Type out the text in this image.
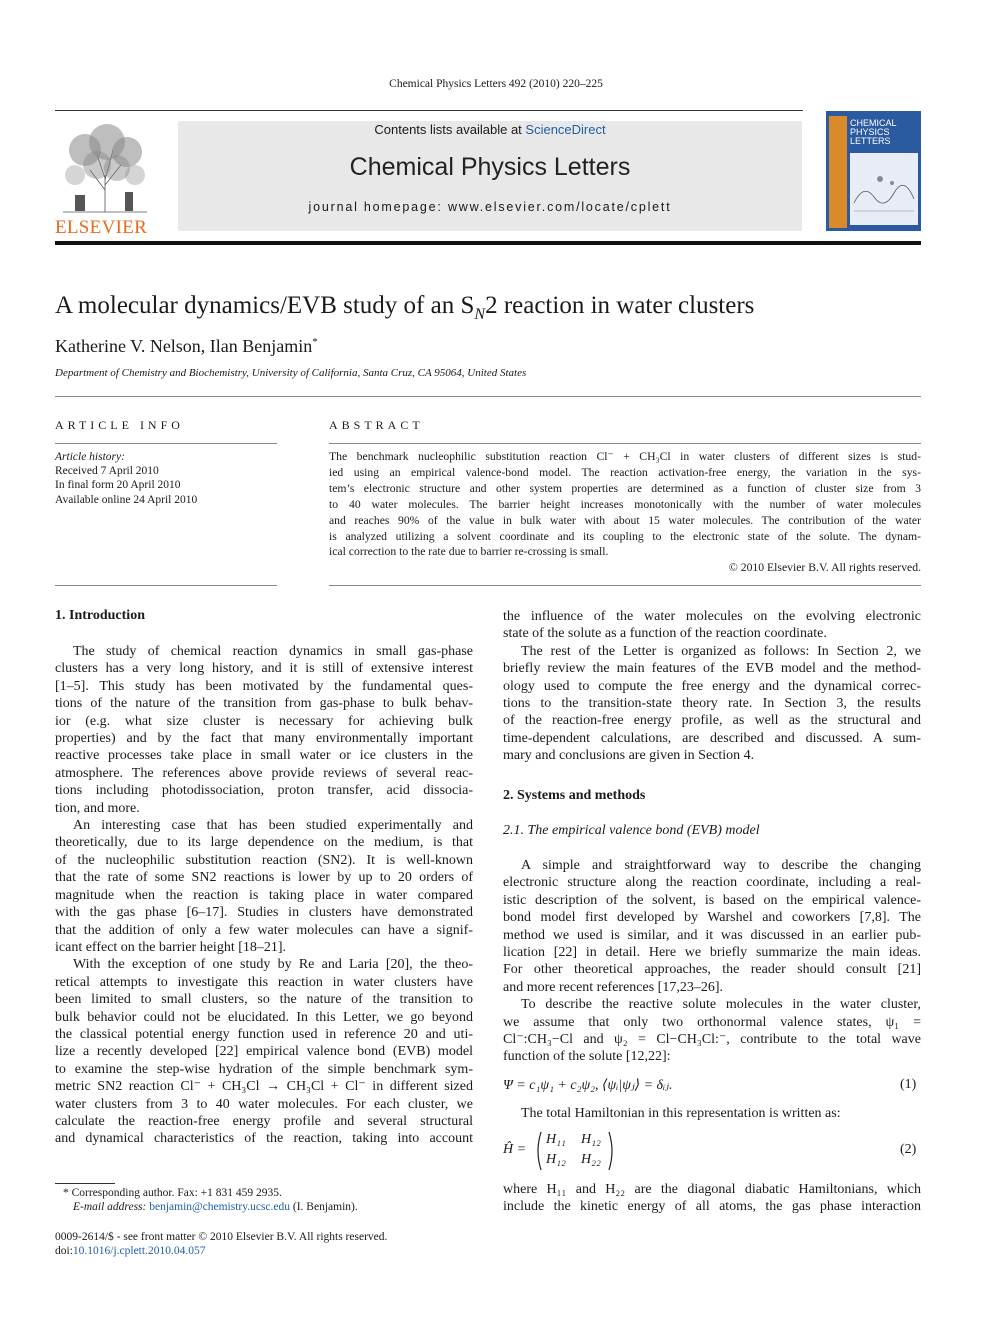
Chemical Physics Letters 492 (2010) 220–225
ELSEVIER
Contents lists available at ScienceDirect
Chemical Physics Letters
journal homepage: www.elsevier.com/locate/cplett
CHEMICAL
PHYSICS
LETTERS
A molecular dynamics/EVB study of an $S_N2$ reaction in water clusters
Katherine V. Nelson, Ilan Benjamin*
Department of Chemistry and Biochemistry, University of California, Santa Cruz, CA 95064, United States
ARTICLE INFO
Article history:
Received 7 April 2010
In final form 20 April 2010
Available online 24 April 2010
ABSTRACT
The benchmark nucleophilic substitution reaction Cl⁻ + CH₃Cl in water clusters of different sizes is stud-
ied using an empirical valence-bond model. The reaction activation-free energy, the variation in the sys-
tem’s electronic structure and other system properties are determined as a function of cluster size from 3
to 40 water molecules. The barrier height increases monotonically with the number of water molecules
and reaches 90% of the value in bulk water with about 15 water molecules. The contribution of the water
is analyzed utilizing a solvent coordinate and its coupling to the electronic state of the solute. The dynam-
ical correction to the rate due to barrier re-crossing is small.
© 2010 Elsevier B.V. All rights reserved.
1. Introduction
The study of chemical reaction dynamics in small gas-phase
clusters has a very long history, and it is still of extensive interest
[1–5]. This study has been motivated by the fundamental ques-
tions of the nature of the transition from gas-phase to bulk behav-
ior (e.g. what size cluster is necessary for achieving bulk
properties) and by the fact that many environmentally important
reactive processes take place in small water or ice clusters in the
atmosphere. The references above provide reviews of several reac-
tions including photodissociation, proton transfer, acid dissocia-
tion, and more.
An interesting case that has been studied experimentally and
theoretically, due to its large dependence on the medium, is that
of the nucleophilic substitution reaction (SN2). It is well-known
that the rate of some SN2 reactions is lower by up to 20 orders of
magnitude when the reaction is taking place in water compared
with the gas phase [6–17]. Studies in clusters have demonstrated
that the addition of only a few water molecules can have a signif-
icant effect on the barrier height [18–21].
With the exception of one study by Re and Laria [20], the theo-
retical attempts to investigate this reaction in water clusters have
been limited to small clusters, so the nature of the transition to
bulk behavior could not be elucidated. In this Letter, we go beyond
the classical potential energy function used in reference 20 and uti-
lize a recently developed [22] empirical valence bond (EVB) model
to examine the step-wise hydration of the simple benchmark sym-
metric SN2 reaction Cl⁻ + CH₃Cl → CH₃Cl + Cl⁻ in different sized
water clusters from 3 to 40 water molecules. For each cluster, we
calculate the reaction-free energy profile and several structural
and dynamical characteristics of the reaction, taking into account
the influence of the water molecules on the evolving electronic
state of the solute as a function of the reaction coordinate.
The rest of the Letter is organized as follows: In Section 2, we
briefly review the main features of the EVB model and the method-
ology used to compute the free energy and the dynamical correc-
tions to the transition-state theory rate. In Section 3, the results
of the reaction-free energy profile, as well as the structural and
time-dependent calculations, are described and discussed. A sum-
mary and conclusions are given in Section 4.
2. Systems and methods
2.1. The empirical valence bond (EVB) model
A simple and straightforward way to describe the changing
electronic structure along the reaction coordinate, including a real-
istic description of the solvent, is based on the empirical valence-
bond model first developed by Warshel and coworkers [7,8]. The
method we used is similar, and it was discussed in an earlier pub-
lication [22] in detail. Here we briefly summarize the main ideas.
For other theoretical approaches, the reader should consult [21]
and more recent references [17,23–26].
To describe the reactive solute molecules in the water cluster,
we assume that only two orthonormal valence states, ψ₁ =
Cl⁻:CH₃−Cl and ψ₂ = Cl−CH₃Cl:⁻, contribute to the total wave
function of the solute [12,22]:
Ψ = c₁ψ₁ + c₂ψ₂, ⟨ψᵢ|ψⱼ⟩ = δᵢⱼ.	(1)
The total Hamiltonian in this representation is written as:
Ĥ =
H₁₁ H₁₂
H₁₂ H₂₂
(2)
where H₁₁ and H₂₂ are the diagonal diabatic Hamiltonians, which
include the kinetic energy of all atoms, the gas phase interaction
* Corresponding author. Fax: +1 831 459 2935.
E-mail address: benjamin@chemistry.ucsc.edu (I. Benjamin).
0009-2614/$ - see front matter © 2010 Elsevier B.V. All rights reserved.
doi:10.1016/j.cplett.2010.04.057
